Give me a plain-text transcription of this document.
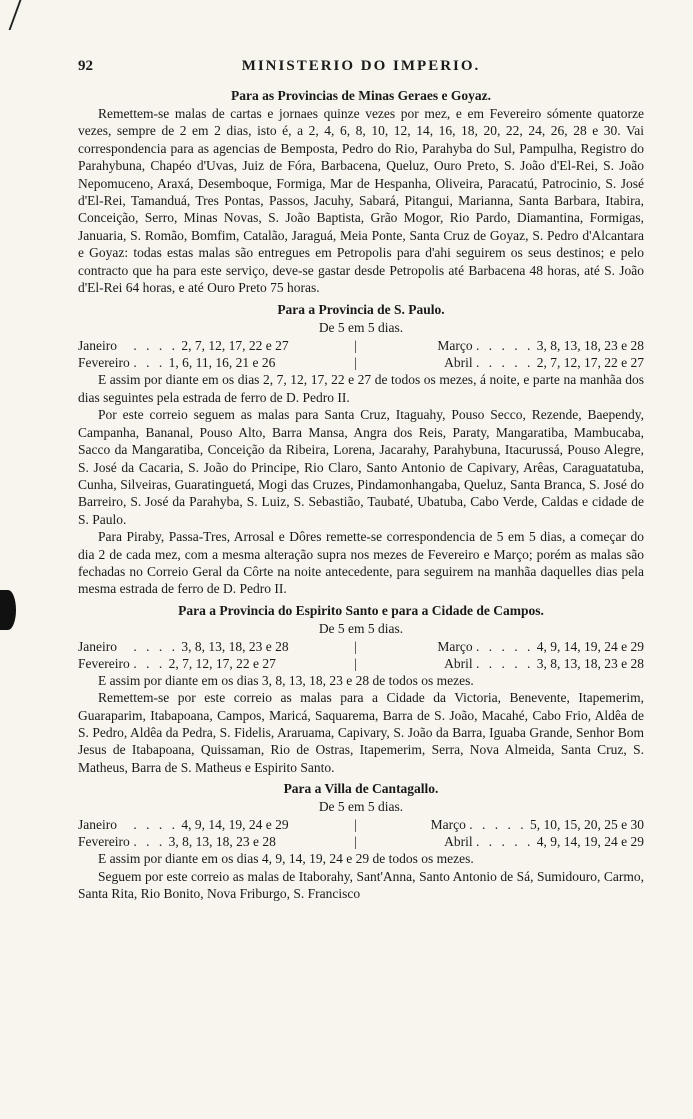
92	MINISTERIO DO IMPERIO.
Para as Provincias de Minas Geraes e Goyaz.

Remettem-se malas de cartas e jornaes quinze vezes por mez, e em Fevereiro sómente quatorze vezes, sempre de 2 em 2 dias, isto é, a 2, 4, 6, 8, 10, 12, 14, 16, 18, 20, 22, 24, 26, 28 e 30. Vai correspondencia para as agencias de Bemposta, Pedro do Rio, Parahyba do Sul, Pampulha, Registro do Parahybuna, Chapéo d'Uvas, Juiz de Fóra, Barbacena, Queluz, Ouro Preto, S. João d'El-Rei, S. João Nepomuceno, Araxá, Desemboque, Formiga, Mar de Hespanha, Oliveira, Paracatú, Patrocinio, S. José d'El-Rei, Tamanduá, Tres Pontas, Passos, Jacuhy, Sabará, Pitangui, Marianna, Santa Barbara, Itabira, Conceição, Serro, Minas Novas, S. João Baptista, Grão Mogor, Rio Pardo, Diamantina, Formigas, Januaria, S. Romão, Bomfim, Catalão, Jaraguá, Meia Ponte, Santa Cruz de Goyaz, S. Pedro d'Alcantara e Goyaz: todas estas malas são entregues em Petropolis para d'ahi seguirem os seus destinos; e pelo contracto que ha para este serviço, deve-se gastar desde Petropolis até Barbacena 48 horas, até S. João d'El-Rei 64 horas, e até Ouro Preto 75 horas.

Para a Provincia de S. Paulo.
De 5 em 5 dias.
Janeiro . . . . 2, 7, 12, 17, 22 e 27	|	Março . . . . . 3, 8, 13, 18, 23 e 28
Fevereiro . . . 1, 6, 11, 16, 21 e 26	|	Abril . . . . . 2, 7, 12, 17, 22 e 27

E assim por diante em os dias 2, 7, 12, 17, 22 e 27 de todos os mezes, á noite, e parte na manhãa dos dias seguintes pela estrada de ferro de D. Pedro II.

Por este correio seguem as malas para Santa Cruz, Itaguahy, Pouso Secco, Rezende, Baependy, Campanha, Bananal, Pouso Alto, Barra Mansa, Angra dos Reis, Paraty, Mangaratiba, Mambucaba, Sacco da Mangaratiba, Conceição da Ribeira, Lorena, Jacarahy, Parahybuna, Itacurussá, Pouso Alegre, S. José da Cacaria, S. João do Principe, Rio Claro, Santo Antonio de Capivary, Arêas, Caraguatatuba, Cunha, Silveiras, Guaratinguetá, Mogi das Cruzes, Pindamonhangaba, Queluz, Santa Branca, S. José do Barreiro, S. José da Parahyba, S. Luiz, S. Sebastião, Taubaté, Ubatuba, Cabo Verde, Caldas e cidade de S. Paulo.

Para Piraby, Passa-Tres, Arrosal e Dôres remette-se correspondencia de 5 em 5 dias, a começar do dia 2 de cada mez, com a mesma alteração supra nos mezes de Fevereiro e Março; porém as malas são fechadas no Correio Geral da Côrte na noite antecedente, para seguirem na manhãa daquelles dias pela mesma estrada de ferro de D. Pedro II.

Para a Provincia do Espirito Santo e para a Cidade de Campos.
De 5 em 5 dias.
Janeiro . . . . 3, 8, 13, 18, 23 e 28	|	Março . . . . . 4, 9, 14, 19, 24 e 29
Fevereiro . . . 2, 7, 12, 17, 22 e 27	|	Abril . . . . . 3, 8, 13, 18, 23 e 28

E assim por diante em os dias 3, 8, 13, 18, 23 e 28 de todos os mezes.

Remettem-se por este correio as malas para a Cidade da Victoria, Benevente, Itapemerim, Guaraparim, Itabapoana, Campos, Maricá, Saquarema, Barra de S. João, Macahé, Cabo Frio, Aldêa de S. Pedro, Aldêa da Pedra, S. Fidelis, Araruama, Capivary, S. João da Barra, Iguaba Grande, Senhor Bom Jesus de Itabapoana, Quissaman, Rio de Ostras, Itapemerim, Serra, Nova Almeida, Santa Cruz, S. Matheus, Barra de S. Matheus e Espirito Santo.

Para a Villa de Cantagallo.
De 5 em 5 dias.
Janeiro . . . . 4, 9, 14, 19, 24 e 29	|	Março . . . . . 5, 10, 15, 20, 25 e 30
Fevereiro . . . 3, 8, 13, 18, 23 e 28	|	Abril . . . . . 4, 9, 14, 19, 24 e 29

E assim por diante em os dias 4, 9, 14, 19, 24 e 29 de todos os mezes.

Seguem por este correio as malas de Itaborahy, Sant'Anna, Santo Antonio de Sá, Sumidouro, Carmo, Santa Rita, Rio Bonito, Nova Friburgo, S. Francisco
